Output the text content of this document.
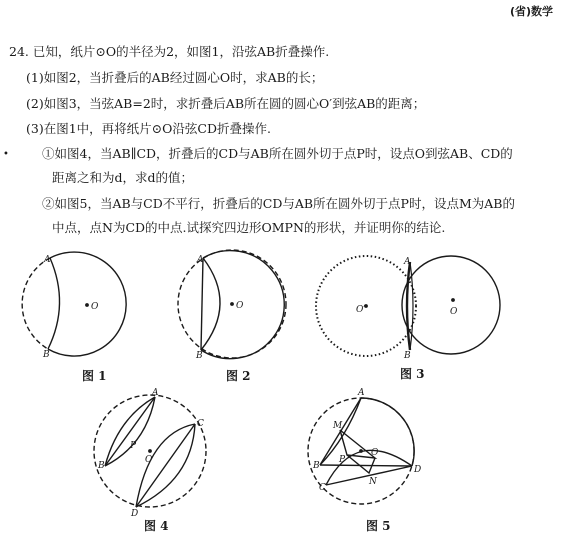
(省)数学
24. 已知，纸片⊙O的半径为2，如图1，沿弦AB折叠操作.
(1)如图2，当折叠后的AB经过圆心O时，求AB的长；
(2)如图3，当弦AB=2时，求折叠后AB所在圆的圆心O′到弦AB的距离；
(3)在图1中，再将纸片⊙O沿弦CD折叠操作.
①如图4，当AB∥CD，折叠后的CD与AB所在圆外切于点P时，设点O到弦AB、CD的
距离之和为d，求d的值；
②如图5，当AB与CD不平行，折叠后的CD与AB所在圆外切于点P时，设点M为AB的
中点，点N为CD的中点.试探究四边形OMPN的形状，并证明你的结论.
•
A
B
O
A
B
O
A
B
O′	O
A
B
C
D
P
O
A
B
C
D
M
P
O
N
图 1	图 2	图 3
图 4	图 5
